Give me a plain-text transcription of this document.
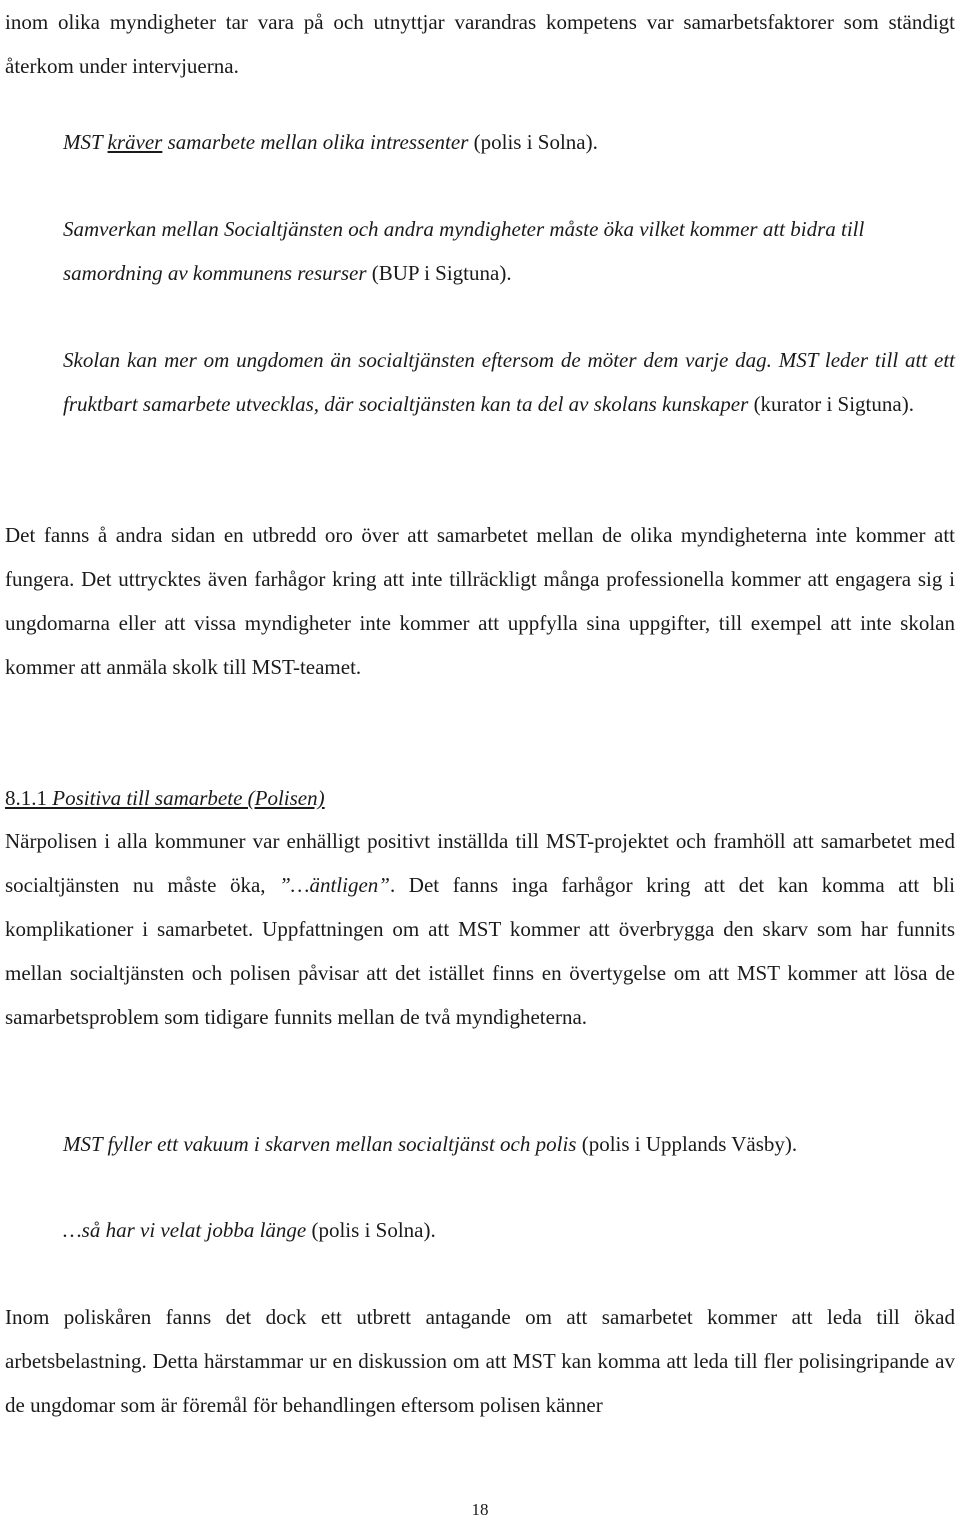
inom olika myndigheter tar vara på och utnyttjar varandras kompetens var samarbetsfaktorer som ständigt återkom under intervjuerna.

MST kräver samarbete mellan olika intressenter (polis i Solna).

Samverkan mellan Socialtjänsten och andra myndigheter måste öka vilket kommer att bidra till samordning av kommunens resurser (BUP i Sigtuna).

Skolan kan mer om ungdomen än socialtjänsten eftersom de möter dem varje dag. MST leder till att ett fruktbart samarbete utvecklas, där socialtjänsten kan ta del av skolans kunskaper (kurator i Sigtuna).

Det fanns å andra sidan en utbredd oro över att samarbetet mellan de olika myndigheterna inte kommer att fungera. Det uttrycktes även farhågor kring att inte tillräckligt många professionella kommer att engagera sig i ungdomarna eller att vissa myndigheter inte kommer att uppfylla sina uppgifter, till exempel att inte skolan kommer att anmäla skolk till MST-teamet.

8.1.1 Positiva till samarbete (Polisen)

Närpolisen i alla kommuner var enhälligt positivt inställda till MST-projektet och framhöll att samarbetet med socialtjänsten nu måste öka, ”…äntligen”. Det fanns inga farhågor kring att det kan komma att bli komplikationer i samarbetet. Uppfattningen om att MST kommer att överbrygga den skarv som har funnits mellan socialtjänsten och polisen påvisar att det istället finns en övertygelse om att MST kommer att lösa de samarbetsproblem som tidigare funnits mellan de två myndigheterna.

MST fyller ett vakuum i skarven mellan socialtjänst och polis (polis i Upplands Väsby).

…så har vi velat jobba länge (polis i Solna).

Inom poliskåren fanns det dock ett utbrett antagande om att samarbetet kommer att leda till ökad arbetsbelastning. Detta härstammar ur en diskussion om att MST kan komma att leda till fler polisingripande av de ungdomar som är föremål för behandlingen eftersom polisen känner

18
